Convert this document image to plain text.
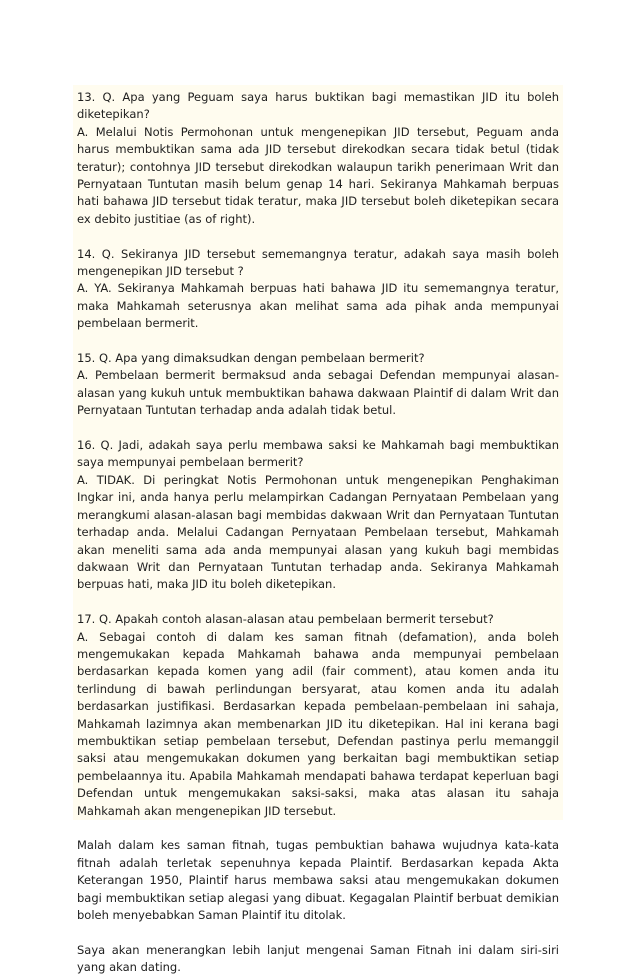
13. Q. Apa yang Peguam saya harus buktikan bagi memastikan JID itu boleh diketepikan?
A. Melalui Notis Permohonan untuk mengenepikan JID tersebut, Peguam anda harus membuktikan sama ada JID tersebut direkodkan secara tidak betul (tidak teratur); contohnya JID tersebut direkodkan walaupun tarikh penerimaan Writ dan Pernyataan Tuntutan masih belum genap 14 hari. Sekiranya Mahkamah berpuas hati bahawa JID tersebut tidak teratur, maka JID tersebut boleh diketepikan secara ex debito justitiae (as of right).
14. Q. Sekiranya JID tersebut sememangnya teratur, adakah saya masih boleh mengenepikan JID tersebut ?
A. YA. Sekiranya Mahkamah berpuas hati bahawa JID itu sememangnya teratur, maka Mahkamah seterusnya akan melihat sama ada pihak anda mempunyai pembelaan bermerit.
15. Q. Apa yang dimaksudkan dengan pembelaan bermerit?
A. Pembelaan bermerit bermaksud anda sebagai Defendan mempunyai alasan-alasan yang kukuh untuk membuktikan bahawa dakwaan Plaintif di dalam Writ dan Pernyataan Tuntutan terhadap anda adalah tidak betul.
16. Q. Jadi, adakah saya perlu membawa saksi ke Mahkamah bagi membuktikan saya mempunyai pembelaan bermerit?
A. TIDAK. Di peringkat Notis Permohonan untuk mengenepikan Penghakiman Ingkar ini, anda hanya perlu melampirkan Cadangan Pernyataan Pembelaan yang merangkumi alasan-alasan bagi membidas dakwaan Writ dan Pernyataan Tuntutan terhadap anda. Melalui Cadangan Pernyataan Pembelaan tersebut, Mahkamah akan meneliti sama ada anda mempunyai alasan yang kukuh bagi membidas dakwaan Writ dan Pernyataan Tuntutan terhadap anda. Sekiranya Mahkamah berpuas hati, maka JID itu boleh diketepikan.
17. Q. Apakah contoh alasan-alasan atau pembelaan bermerit tersebut?
A. Sebagai contoh di dalam kes saman fitnah (defamation), anda boleh mengemukakan kepada Mahkamah bahawa anda mempunyai pembelaan berdasarkan kepada komen yang adil (fair comment), atau komen anda itu terlindung di bawah perlindungan bersyarat, atau komen anda itu adalah berdasarkan justifikasi. Berdasarkan kepada pembelaan-pembelaan ini sahaja, Mahkamah lazimnya akan membenarkan JID itu diketepikan. Hal ini kerana bagi membuktikan setiap pembelaan tersebut, Defendan pastinya perlu memanggil saksi atau mengemukakan dokumen yang berkaitan bagi membuktikan setiap pembelaannya itu. Apabila Mahkamah mendapati bahawa terdapat keperluan bagi Defendan untuk mengemukakan saksi-saksi, maka atas alasan itu sahaja Mahkamah akan mengenepikan JID tersebut.
Malah dalam kes saman fitnah, tugas pembuktian bahawa wujudnya kata-kata fitnah adalah terletak sepenuhnya kepada Plaintif. Berdasarkan kepada Akta Keterangan 1950, Plaintif harus membawa saksi atau mengemukakan dokumen bagi membuktikan setiap alegasi yang dibuat. Kegagalan Plaintif berbuat demikian boleh menyebabkan Saman Plaintif itu ditolak.
Saya akan menerangkan lebih lanjut mengenai Saman Fitnah ini dalam siri-siri yang akan dating.
